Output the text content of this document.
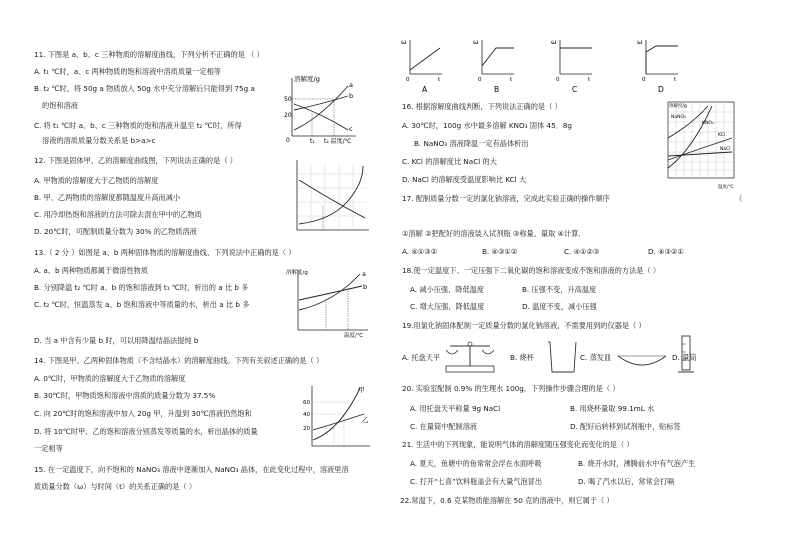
11. 下图是 a、b、c 三种物质的溶解度曲线，下列分析不正确的是 （ ）
A. t₁ ℃时，a、c 两种物质的饱和溶液中溶质质量一定相等
B. t₂ ℃时，将 50g a 物质放入 50g 水中充分溶解后只能得到 75g a
的饱和溶液
C. 将 t₁ ℃时 a、b、c 三种物质的饱和溶液升温至 t₂ ℃时，所得
溶液的溶质质量分数关系是 b>a>c
12. 下图是固体甲、乙的溶解度曲线图，下列说法正确的是（ ）
A. 甲物质的溶解度大于乙物质的溶解度
B. 甲、乙两物质的溶解度都随温度升高而减小
C. 用冷却热饱和溶液的方法可除去混在甲中的乙物质
D. 20℃时，可配制质量分数为 30% 的乙物质溶液
13.（ 2 分 ）如图是 a、b 两种固体物质的溶解度曲线，下列说法中正确的是（ ）
A. a、b 两种物质都属于微溶性物质
B. 分别降温 t₂ ℃时 a、b 的饱和溶液到 t₁ ℃时，析出的 a 比 b 多
C. t₂ ℃时，恒温蒸发 a、b 饱和溶液中等质量的水，析出 a 比 b 多
D. 当 a 中含有少量 b 时，可以用降温结晶法提纯 b
14. 下图是甲、乙两种固体物质（不含结晶水）的溶解度曲线。下列有关叙述正确的是（ ）
A. 0℃时，甲物质的溶解度大于乙物质的溶解度
B. 30℃时，甲物质饱和溶液中溶质的质量分数为 37.5%
C. 向 20℃时的饱和溶液中加入 20g 甲，升温到 30℃溶液仍然饱和
D. 将 10℃时甲、乙的饱和溶液分别蒸发等质量的水，析出晶体的质量
一定相等
15. 在一定温度下，向不饱和的 NaNO₃ 溶液中逐渐加入 NaNO₃ 晶体，在此变化过程中，溶液里溶
质质量分数（ω）与时间（t）的关系正确的是（ ）
溶解度/g
50
20
0
a
b
c
t₁ t₂ 温度/℃
溶解度/g	a
b
温度/℃
60
40
20
甲
乙
ω
0	t
A
ω
0	t
B
ω
0	t
C
ω
0	t
D
16. 根据溶解度曲线判断，下列说法正确的是（ ）
A. 30℃时，100g 水中最多溶解 KNO₃ 固体 45．8g
B. NaNO₃ 溶液降温一定有晶体析出
C. KCl 的溶解度比 NaCl 的大
D. NaCl 的溶解度受温度影响比 KCl 大
17. 配制质量分数一定的氯化钠溶液，完成此实验正确的操作顺序	（
①溶解 ②把配好的溶液装入试剂瓶 ③称量、量取 ④计算．
A. ④①③②	B. ④③①②	C. ④①②③	D. ④③②①
18.使一定温度下、一定压强下二氧化碳的饱和溶液变成不饱和溶液的方法是（ ）
A. 减小压强，降低温度	B. 压强不变，升高温度
C. 增大压强，降低温度	D. 温度不变，减小压强
19.用氯化钠固体配制一定质量分数的氯化钠溶液，不需要用到的仪器是（ ）
A. 托盘天平	B. 烧杯	C. 蒸发皿	D. 量筒
20. 实验室配制 0.9% 的生理水 100g，下列操作步骤合理的是（ ）
A. 用托盘天平称量 9g NaCl	B. 用烧杯量取 99.1mL 水
C. 在量筒中配制溶液	D. 配好后转移到试剂瓶中，贴标签
21. 生活中的下列现象，能说明气体的溶解度随压强变化而变化的是（ ）
A. 夏天，鱼塘中的鱼常常会浮在水面呼吸	B. 烧开水时，沸腾前水中有气泡产生
C. 打开“七喜”饮料瓶盖会有大量气泡冒出	D. 喝了汽水以后，常常会打嗝
22.常温下，0.6 克某物质能溶解在 50 克的溶液中，则它属于（ ）
溶解度/g
NaNO₃
KNO₃
KCl
NaCl
温度/℃
